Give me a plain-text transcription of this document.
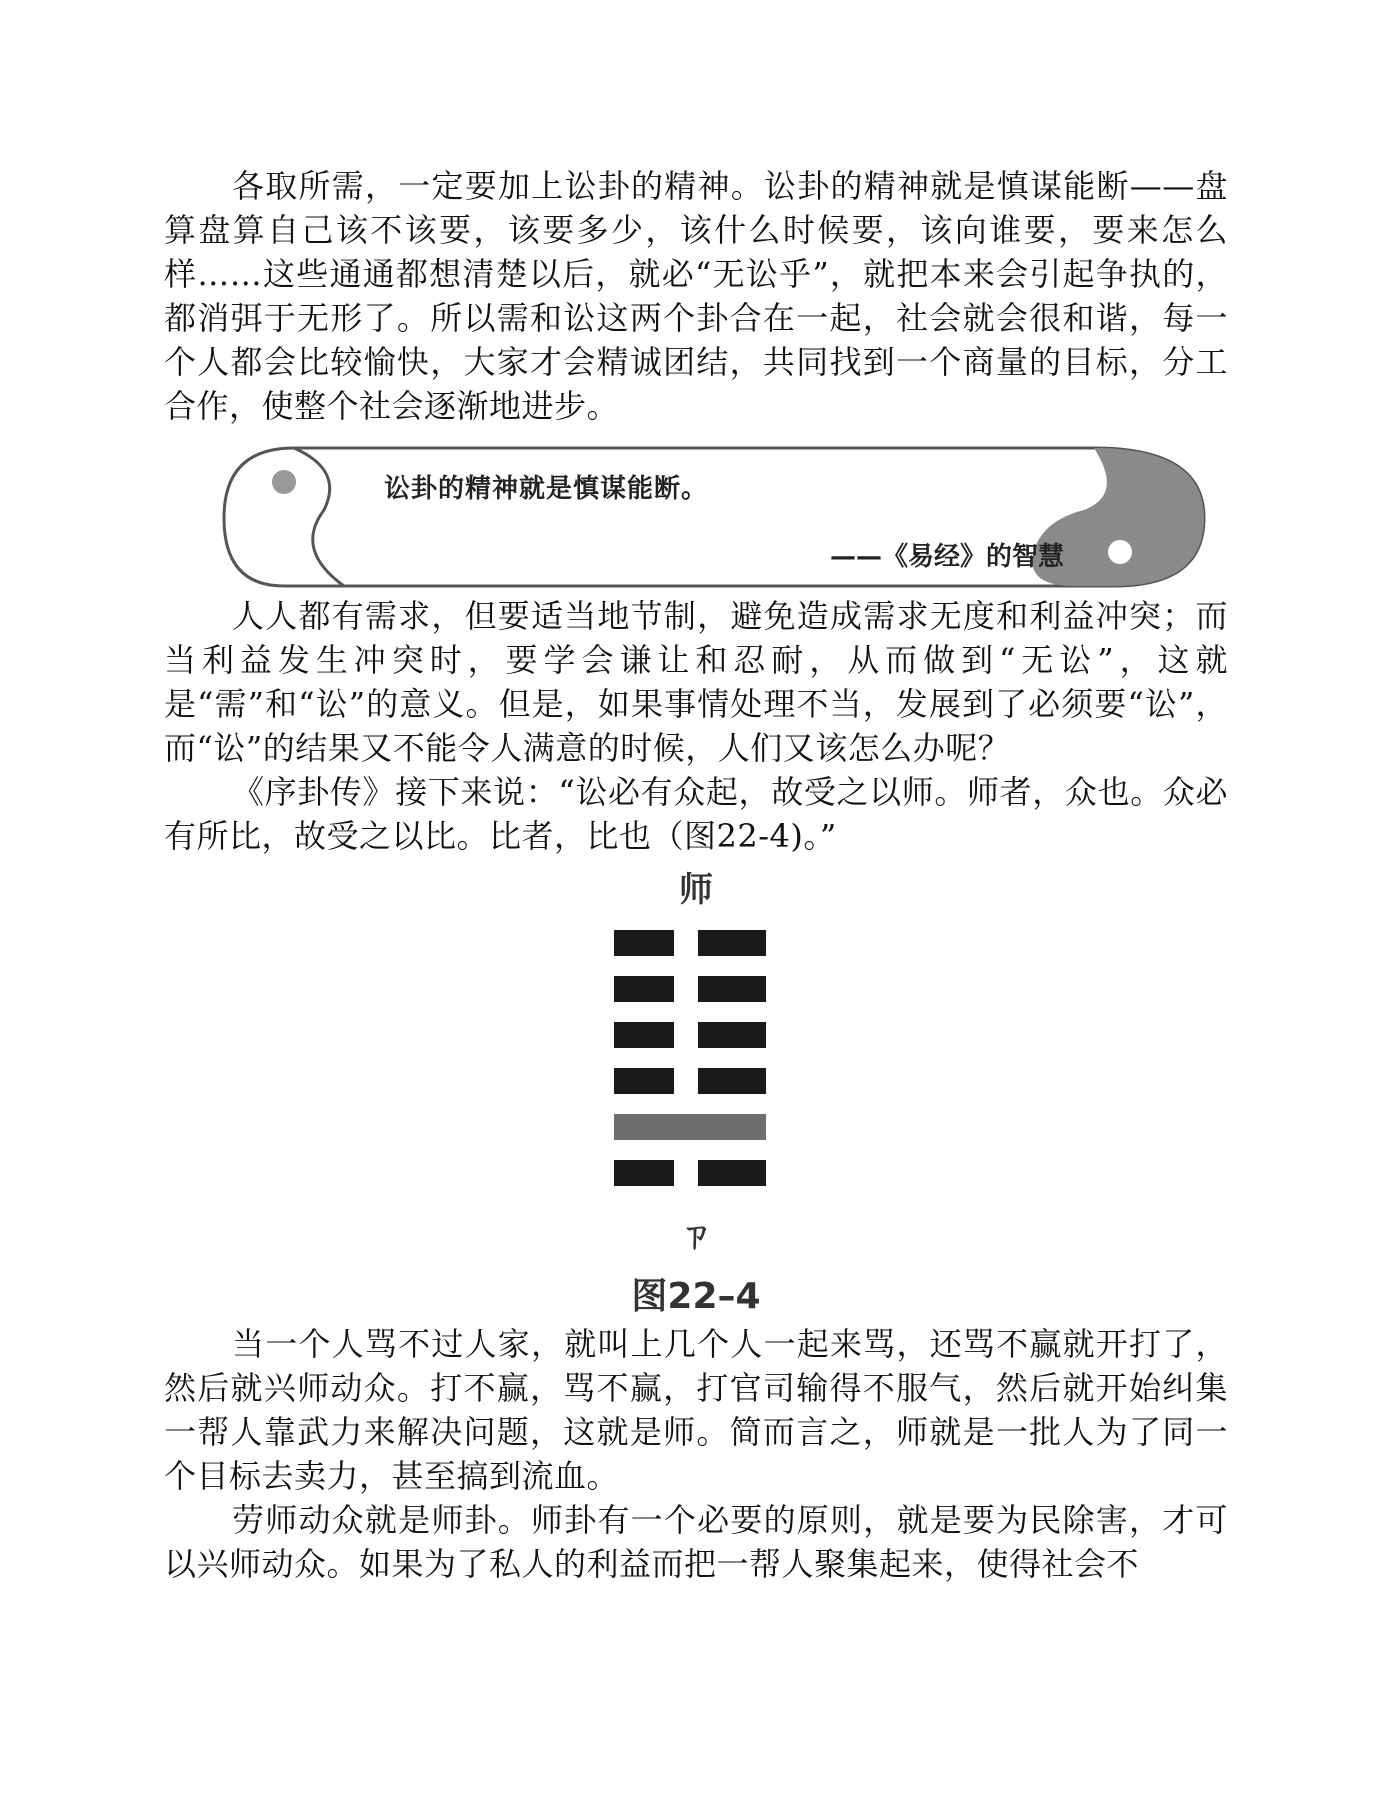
各取所需，一定要加上讼卦的精神。讼卦的精神就是慎谋能断——盘算盘算自己该不该要，该要多少，该什么时候要，该向谁要，要来怎么样……这些通通都想清楚以后，就必“无讼乎”，就把本来会引起争执的，都消弭于无形了。所以需和讼这两个卦合在一起，社会就会很和谐，每一个人都会比较愉快，大家才会精诚团结，共同找到一个商量的目标，分工合作，使整个社会逐渐地进步。

讼卦的精神就是慎谋能断。
——《易经》的智慧

人人都有需求，但要适当地节制，避免造成需求无度和利益冲突；而当利益发生冲突时，要学会谦让和忍耐，从而做到“无讼”，这就是“需”和“讼”的意义。但是，如果事情处理不当，发展到了必须要“讼”，而“讼”的结果又不能令人满意的时候，人们又该怎么办呢？

《序卦传》接下来说：“讼必有众起，故受之以师。师者，众也。众必有所比，故受之以比。比者，比也（图22-4)。”

师
ㄗ
图22–4

当一个人骂不过人家，就叫上几个人一起来骂，还骂不赢就开打了，然后就兴师动众。打不赢，骂不赢，打官司输得不服气，然后就开始纠集一帮人靠武力来解决问题，这就是师。简而言之，师就是一批人为了同一个目标去卖力，甚至搞到流血。

劳师动众就是师卦。师卦有一个必要的原则，就是要为民除害，才可以兴师动众。如果为了私人的利益而把一帮人聚集起来，使得社会不
